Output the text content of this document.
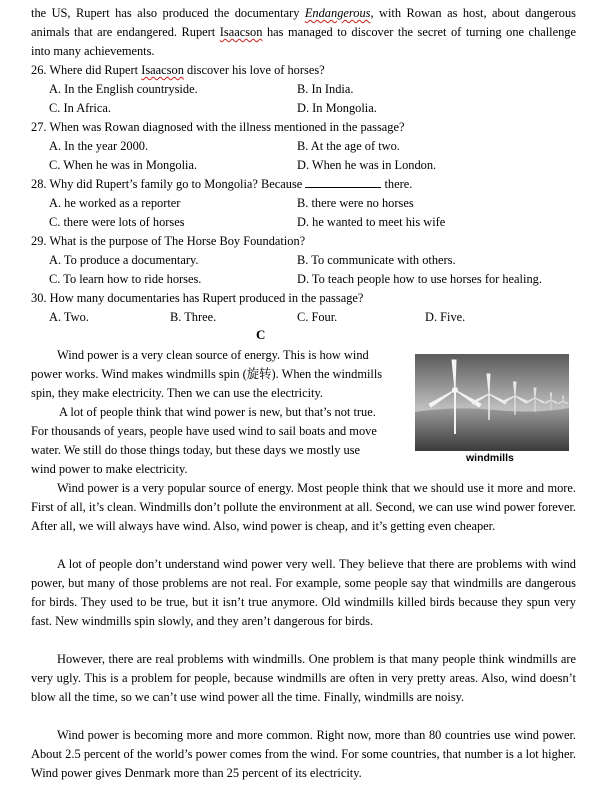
the US, Rupert has also produced the documentary Endangerous, with Rowan as host, about dangerous animals that are endangered. Rupert Isaacson has managed to discover the secret of turning one challenge into many achievements.

26. Where did Rupert Isaacson discover his love of horses?
A. In the English countryside.	B. In India.
C. In Africa.	D. In Mongolia.
27. When was Rowan diagnosed with the illness mentioned in the passage?
A. In the year 2000.	B. At the age of two.
C. When he was in Mongolia.	D. When he was in London.
28. Why did Rupert’s family go to Mongolia? Because	there.
A. he worked as a reporter	B. there were no horses
C. there were lots of horses	D. he wanted to meet his wife
29. What is the purpose of The Horse Boy Foundation?
A. To produce a documentary.	B. To communicate with others.
C. To learn how to ride horses.	D. To teach people how to use horses for healing.
30. How many documentaries has Rupert produced in the passage?
A. Two.	B. Three.	C. Four.	D. Five.
C
Wind power is a very clean source of energy. This is how wind
power works. Wind makes windmills spin (旋转). When the windmills
spin, they make electricity. Then we can use the electricity.
A lot of people think that wind power is new, but that’s not true.
For thousands of years, people have used wind to sail boats and move
water. We still do those things today, but these days we mostly use
wind power to make electricity.
windmills

Wind power is a very popular source of energy. Most people think that we should use it more and more. First of all, it’s clean. Windmills don’t pollute the environment at all. Second, we can use wind power forever. After all, we will always have wind. Also, wind power is cheap, and it’s getting even cheaper.

A lot of people don’t understand wind power very well. They believe that there are problems with wind power, but many of those problems are not real. For example, some people say that windmills are dangerous for birds. They used to be true, but it isn’t true anymore. Old windmills killed birds because they spun very fast. New windmills spin slowly, and they aren’t dangerous for birds.

However, there are real problems with windmills. One problem is that many people think windmills are very ugly. This is a problem for people, because windmills are often in very pretty areas. Also, wind doesn’t blow all the time, so we can’t use wind power all the time. Finally, windmills are noisy.

Wind power is becoming more and more common. Right now, more than 80 countries use wind power. About 2.5 percent of the world’s power comes from the wind. For some countries, that number is a lot higher. Wind power gives Denmark more than 25 percent of its electricity.
